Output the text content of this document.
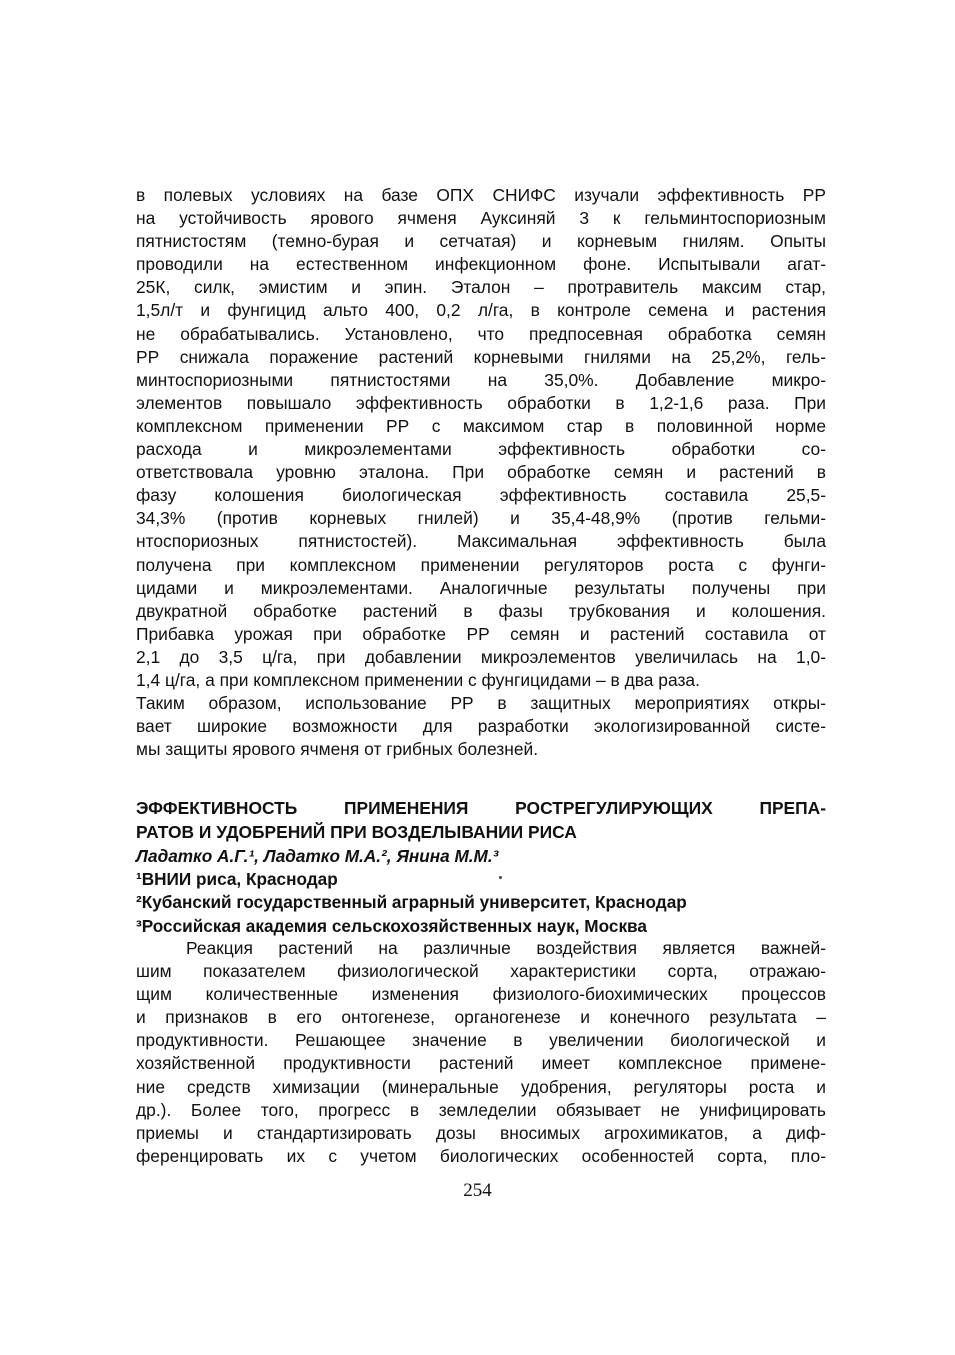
в полевых условиях на базе ОПХ СНИФС изучали эффективность РР
на устойчивость ярового ячменя Ауксиняй 3 к гельминтоспориозным
пятнистостям (темно-бурая и сетчатая) и корневым гнилям. Опыты
проводили на естественном инфекционном фоне. Испытывали агат-
25К, силк, эмистим и эпин. Эталон – протравитель максим стар,
1,5л/т и фунгицид альто 400, 0,2 л/га, в контроле семена и растения
не обрабатывались. Установлено, что предпосевная обработка семян
РР снижала поражение растений корневыми гнилями на 25,2%, гель-
минтоспориозными пятнистостями на 35,0%. Добавление микро-
элементов повышало эффективность обработки в 1,2-1,6 раза. При
комплексном применении РР с максимом стар в половинной норме
расхода и микроэлементами эффективность обработки со-
ответствовала уровню эталона. При обработке семян и растений в
фазу колошения биологическая эффективность составила 25,5-
34,3% (против корневых гнилей) и 35,4-48,9% (против гельми-
нтоспориозных пятнистостей). Максимальная эффективность была
получена при комплексном применении регуляторов роста с фунги-
цидами и микроэлементами. Аналогичные результаты получены при
двукратной обработке растений в фазы трубкования и колошения.
Прибавка урожая при обработке РР семян и растений составила от
2,1 до 3,5 ц/га, при добавлении микроэлементов увеличилась на 1,0-
1,4 ц/га, а при комплексном применении с фунгицидами – в два раза.
Таким образом, использование РР в защитных мероприятиях откры-
вает широкие возможности для разработки экологизированной систе-
мы защиты ярового ячменя от грибных болезней.
ЭФФЕКТИВНОСТЬ ПРИМЕНЕНИЯ РОСТРЕГУЛИРУЮЩИХ ПРЕПА-
РАТОВ И УДОБРЕНИЙ ПРИ ВОЗДЕЛЫВАНИИ РИСА
Ладатко А.Г.¹, Ладатко М.А.², Янина М.М.³
¹ВНИИ риса, Краснодар
²Кубанский государственный аграрный университет, Краснодар
³Российская академия сельскохозяйственных наук, Москва
Реакция растений на различные воздействия является важней-
шим показателем физиологической характеристики сорта, отражаю-
щим количественные изменения физиолого-биохимических процессов
и признаков в его онтогенезе, органогенезе и конечного результата –
продуктивности. Решающее значение в увеличении биологической и
хозяйственной продуктивности растений имеет комплексное примене-
ние средств химизации (минеральные удобрения, регуляторы роста и
др.). Более того, прогресс в земледелии обязывает не унифицировать
приемы и стандартизировать дозы вносимых агрохимикатов, а диф-
ференцировать их с учетом биологических особенностей сорта, пло-
254
